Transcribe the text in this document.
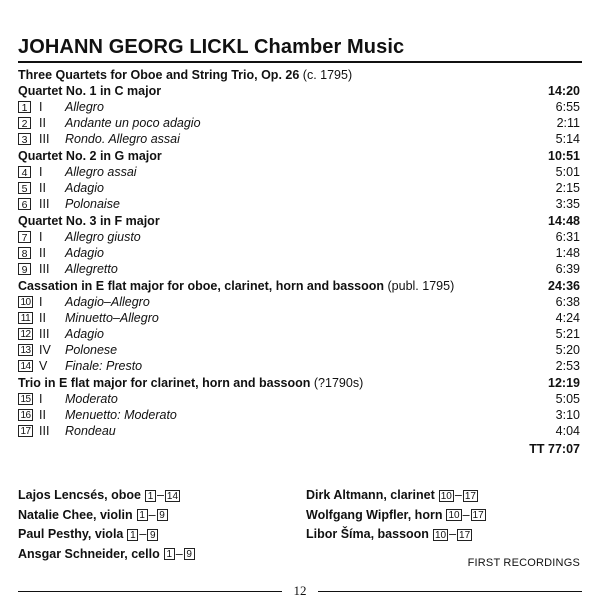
JOHANN GEORG LICKL Chamber Music
Three Quartets for Oboe and String Trio, Op. 26 (c. 1795)
Quartet No. 1 in C major	14:20
1 I	Allegro	6:55
2 II	Andante un poco adagio	2:11
3 III	Rondo. Allegro assai	5:14
Quartet No. 2 in G major	10:51
4 I	Allegro assai	5:01
5 II	Adagio	2:15
6 III	Polonaise	3:35
Quartet No. 3 in F major	14:48
7 I	Allegro giusto	6:31
8 II	Adagio	1:48
9 III	Allegretto	6:39
Cassation in E flat major for oboe, clarinet, horn and bassoon (publ. 1795)	24:36
10 I	Adagio–Allegro	6:38
11 II	Minuetto–Allegro	4:24
12 III	Adagio	5:21
13 IV	Polonese	5:20
14 V	Finale: Presto	2:53
Trio in E flat major for clarinet, horn and bassoon (?1790s)	12:19
15 I	Moderato	5:05
16 II	Menuetto: Moderato	3:10
17 III	Rondeau	4:04
TT 77:07
Lajos Lencsés, oboe 1 – 14
Natalie Chee, violin 1 – 9
Paul Pesthy, viola 1 – 9
Ansgar Schneider, cello 1 – 9
Dirk Altmann, clarinet 10 – 17
Wolfgang Wipfler, horn 10 – 17
Libor Šíma, bassoon 10 – 17
FIRST RECORDINGS
12
